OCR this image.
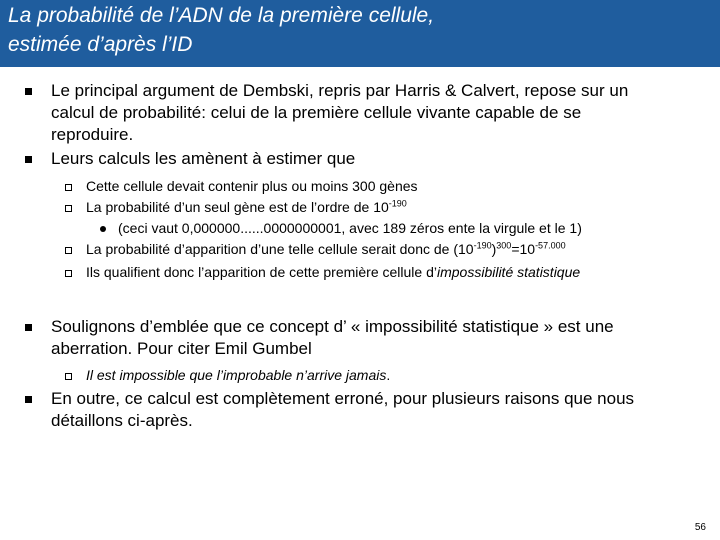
La probabilité de l’ADN de la première cellule,
estimée d’après l’ID
Le principal argument de Dembski, repris par Harris & Calvert, repose sur un
calcul de probabilité: celui de la première cellule vivante capable de se
reproduire.
Leurs calculs les amènent à estimer que
Cette cellule devait contenir plus ou moins 300 gènes
La probabilité d’un seul gène est de l’ordre de $10^{-190}$
(ceci vaut 0,000000......0000000001, avec 189 zéros ente la virgule et le 1)
La probabilité d’apparition d’une telle cellule serait donc de $(10^{-190})^{300}=10^{-57.000}$
Ils qualifient donc l’apparition de cette première cellule d’impossibilité statistique
Soulignons d’emblée que ce concept d’ « impossibilité statistique » est une
aberration. Pour citer Emil Gumbel
Il est impossible que l’improbable n’arrive jamais.
En outre, ce calcul est complètement erroné, pour plusieurs raisons que nous
détaillons ci-après.
56
